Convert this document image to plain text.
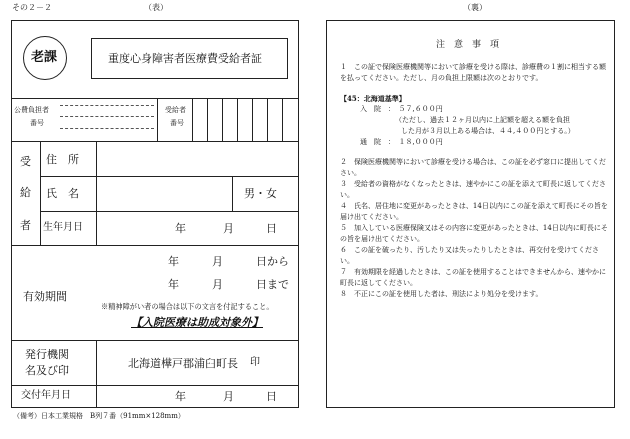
その２－２	（表）	（裏）
老課	重度心身障害者医療費受給者証
公費負担者
番号
受給者
番号
受
給
者
住　所
氏　名	男・女
生年月日	年	月	日
有効期間
年	月	日から
年	月	日まで
※精神障がい者の場合は以下の文言を付記すること。
【入院医療は助成対象外】
発行機関
名及び印
北海道樺戸郡浦臼町長 印
交付年月日	年	月	日
（備考）日本工業規格　B列７番（91mm×128mm）
注　意　事　項

１　この証で保険医療機関等において診療を受ける際は、診療費の１割に相当する額を払ってください。ただし、月の負担上限額は次のとおりです。

【45：北海道基準】

入　院　：　５７,６００円

（ただし、過去１２ヶ月以内に上記額を超える額を負担

した月が３月以上ある場合は、４４,４００円とする。）

通　院　：　１８,０００円

２　保険医療機関等において診療を受ける場合は、この証を必ず窓口に提出してください。

３　受給者の資格がなくなったときは、速やかにこの証を添えて町長に返してください。

４　氏名、居住地に変更があったときは、14日以内にこの証を添えて町長にその旨を届け出てください。

５　加入している医療保険又はその内容に変更があったときは、14日以内に町長にその旨を届け出てください。

６　この証を破ったり、汚したり又は失ったりしたときは、再交付を受けてください。

７　有効期限を経過したときは、この証を使用することはできませんから、速やかに町長に返してください。

８　不正にこの証を使用した者は、刑法により処分を受けます。
